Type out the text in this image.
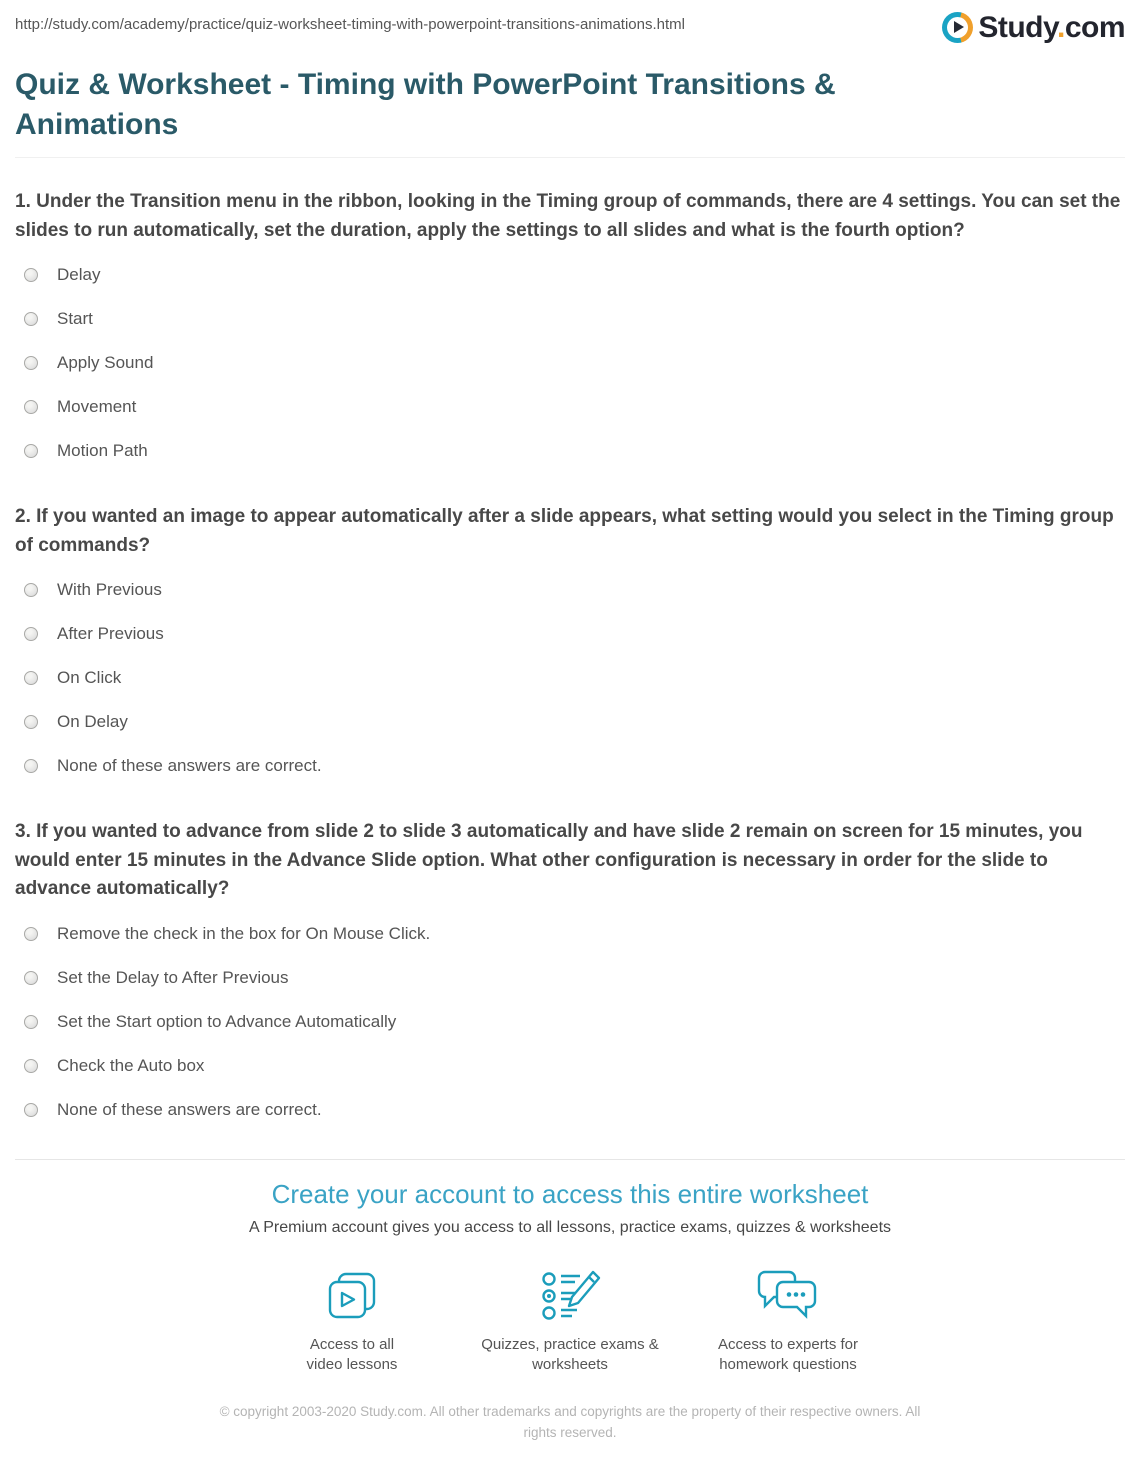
http://study.com/academy/practice/quiz-worksheet-timing-with-powerpoint-transitions-animations.html	Study.com
Quiz & Worksheet - Timing with PowerPoint Transitions & Animations

1. Under the Transition menu in the ribbon, looking in the Timing group of commands, there are 4 settings. You can set the slides to run automatically, set the duration, apply the settings to all slides and what is the fourth option?

Delay
Start
Apply Sound
Movement
Motion Path

2. If you wanted an image to appear automatically after a slide appears, what setting would you select in the Timing group of commands?

With Previous
After Previous
On Click
On Delay
None of these answers are correct.

3. If you wanted to advance from slide 2 to slide 3 automatically and have slide 2 remain on screen for 15 minutes, you would enter 15 minutes in the Advance Slide option. What other configuration is necessary in order for the slide to advance automatically?

Remove the check in the box for On Mouse Click.
Set the Delay to After Previous
Set the Start option to Advance Automatically
Check the Auto box
None of these answers are correct.
Create your account to access this entire worksheet
A Premium account gives you access to all lessons, practice exams, quizzes & worksheets
Access to all video lessons
Quizzes, practice exams & worksheets
Access to experts for homework questions
© copyright 2003-2020 Study.com. All other trademarks and copyrights are the property of their respective owners. All rights reserved.
